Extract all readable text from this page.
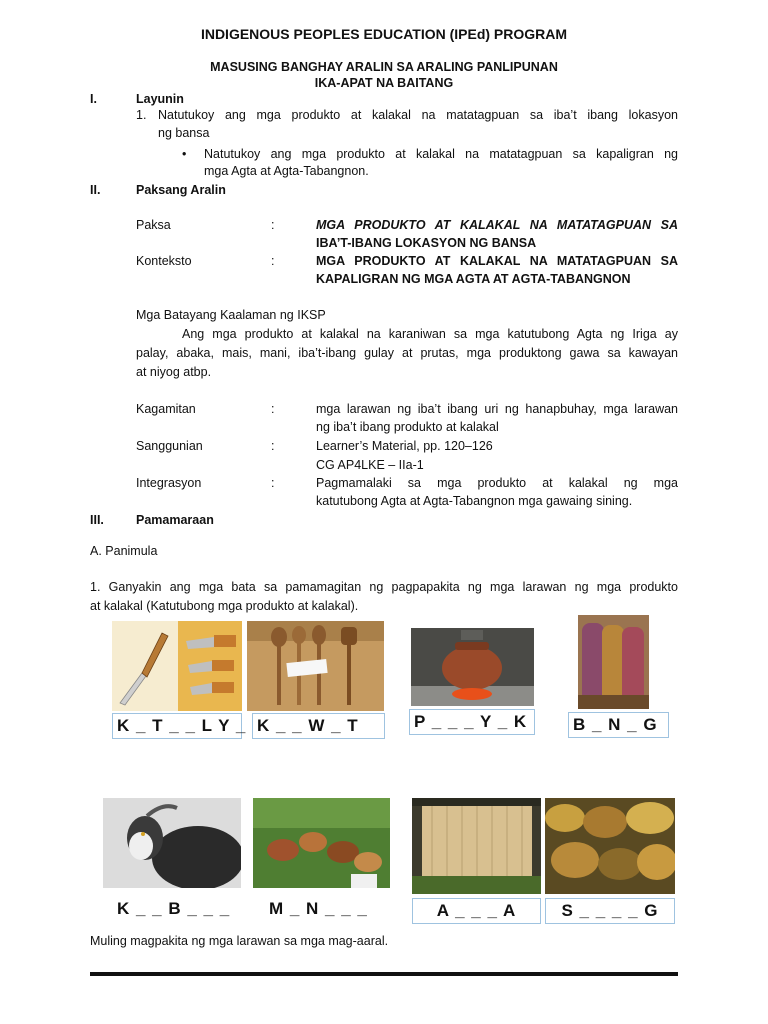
INDIGENOUS PEOPLES EDUCATION (IPEd) PROGRAM
MASUSING BANGHAY ARALIN SA ARALING PANLIPUNAN
IKA-APAT NA BAITANG
I.	Layunin
1. Natutukoy ang mga produkto at kalakal na matatagpuan sa iba’t ibang lokasyon
ng bansa
• Natutukoy ang mga produkto at kalakal na matatagpuan sa kapaligran ng
mga Agta at Agta-Tabangnon.
II.	Paksang Aralin
Paksa	:	MGA PRODUKTO AT KALAKAL NA MATATAGPUAN SA
IBA’T-IBANG LOKASYON NG BANSA
Konteksto	:	MGA PRODUKTO AT KALAKAL NA MATATAGPUAN SA
KAPALIGRAN NG MGA AGTA AT AGTA-TABANGNON
Mga Batayang Kaalaman ng IKSP
Ang mga produkto at kalakal na karaniwan sa mga katutubong Agta ng Iriga ay
palay, abaka, mais, mani, iba’t-ibang gulay at prutas, mga produktong gawa sa kawayan
at niyog atbp.
Kagamitan	:	mga larawan ng iba’t ibang uri ng hanapbuhay, mga larawan
ng iba’t ibang produkto at kalakal
Sanggunian	:	Learner’s Material, pp. 120–126
CG AP4LKE – IIa-1
Integrasyon	:	Pagmamalaki sa mga produkto at kalakal ng mga
katutubong Agta at Agta-Tabangnon mga gawaing sining.
III.	Pamamaraan
A. Panimula
1. Ganyakin ang mga bata sa pamamagitan ng pagpapakita ng mga larawan ng mga produkto
at kalakal (Katutubong mga produkto at kalakal).
K _ T _ _ L Y _ K _ _ W _ T	P _ _ _ Y _ K	B _ N _ G
K _ _ B _ _ _	M _ N _ _ _	A _ _ _ A	S _ _ _ _ G
Muling magpakita ng mga larawan sa mga mag-aaral.
